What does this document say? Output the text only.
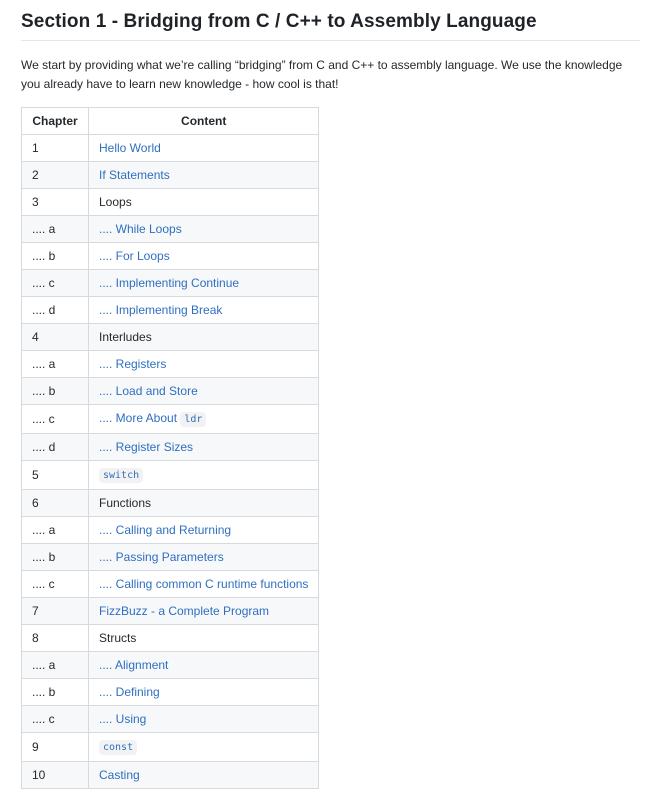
Section 1 - Bridging from C / C++ to Assembly Language

We start by providing what we’re calling “bridging” from C and C++ to assembly language. We use the knowledge you already have to learn new knowledge - how cool is that!

Chapter	Content
1	Hello World
2	If Statements
3	Loops
.... a	.... While Loops
.... b	.... For Loops
.... c	.... Implementing Continue
.... d	.... Implementing Break
4	Interludes
.... a	.... Registers
.... b	.... Load and Store
.... c	.... More About ldr
.... d	.... Register Sizes
5	switch
6	Functions
.... a	.... Calling and Returning
.... b	.... Passing Parameters
.... c	.... Calling common C runtime functions
7	FizzBuzz - a Complete Program
8	Structs
.... a	.... Alignment
.... b	.... Defining
.... c	.... Using
9	const
10	Casting
